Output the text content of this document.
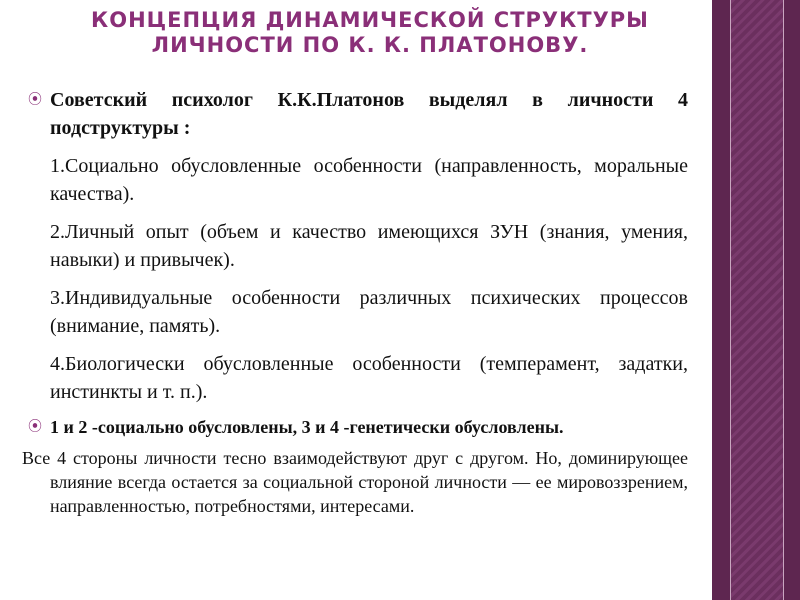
КОНЦЕПЦИЯ ДИНАМИЧЕСКОЙ СТРУКТУРЫ ЛИЧНОСТИ ПО К. К. ПЛАТОНОВУ.
⦿ Советский психолог К.К.Платонов выделял в личности 4 подструктуры :
1.Социально обусловленные особенности (направленность, моральные качества).
2.Личный опыт (объем и качество имеющихся ЗУН (знания, умения, навыки) и привычек).
3.Индивидуальные особенности различных психических процессов (внимание, память).
4.Биологически обусловленные особенности (темперамент, задатки, инстинкты и т. п.).
⦿ 1 и 2 -социально обусловлены, 3 и 4 -генетически обусловлены.
Все 4 стороны личности тесно взаимодействуют друг с другом. Но, доминирующее влияние всегда остается за социальной стороной личности — ее мировоззрением, направленностью, потребностями, интересами.
